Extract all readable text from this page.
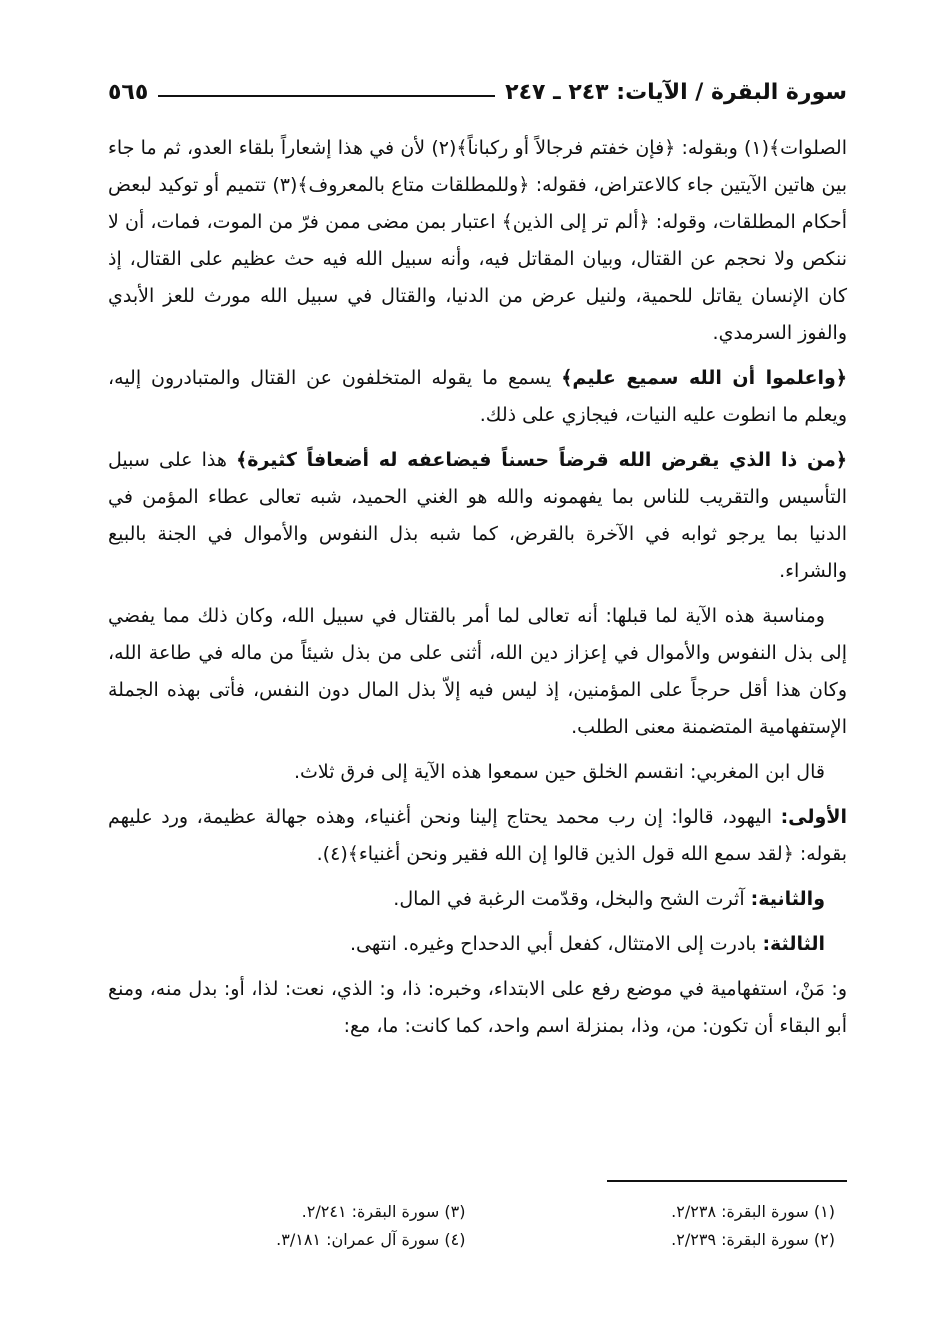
سورة البقرة / الآيات: ٢٤٣ ـ ٢٤٧
٥٦٥

الصلوات﴾(١) وبقوله: ﴿فإن خفتم فرجالاً أو ركباناً﴾(٢) لأن في هذا إشعاراً بلقاء العدو، ثم ما جاء بين هاتين الآيتين جاء كالاعتراض، فقوله: ﴿وللمطلقات متاع بالمعروف﴾(٣) تتميم أو توكيد لبعض أحكام المطلقات، وقوله: ﴿ألم تر إلى الذين﴾ اعتبار بمن مضى ممن فرّ من الموت، فمات، أن لا ننكص ولا نحجم عن القتال، وبيان المقاتل فيه، وأنه سبيل الله فيه حث عظيم على القتال، إذ كان الإنسان يقاتل للحمية، ولنيل عرض من الدنيا، والقتال في سبيل الله مورث للعز الأبدي والفوز السرمدي.

﴿واعلموا أن الله سميع عليم﴾ يسمع ما يقوله المتخلفون عن القتال والمتبادرون إليه، ويعلم ما انطوت عليه النيات، فيجازي على ذلك.

﴿من ذا الذي يقرض الله قرضاً حسناً فيضاعفه له أضعافاً كثيرة﴾ هذا على سبيل التأسيس والتقريب للناس بما يفهمونه والله هو الغني الحميد، شبه تعالى عطاء المؤمن في الدنيا بما يرجو ثوابه في الآخرة بالقرض، كما شبه بذل النفوس والأموال في الجنة بالبيع والشراء.

ومناسبة هذه الآية لما قبلها: أنه تعالى لما أمر بالقتال في سبيل الله، وكان ذلك مما يفضي إلى بذل النفوس والأموال في إعزاز دين الله، أثنى على من بذل شيئاً من ماله في طاعة الله، وكان هذا أقل حرجاً على المؤمنين، إذ ليس فيه إلاّ بذل المال دون النفس، فأتى بهذه الجملة الإستفهامية المتضمنة معنى الطلب.

قال ابن المغربي: انقسم الخلق حين سمعوا هذه الآية إلى فرق ثلاث.

الأولى: اليهود، قالوا: إن رب محمد يحتاج إلينا ونحن أغنياء، وهذه جهالة عظيمة، ورد عليهم بقوله: ﴿لقد سمع الله قول الذين قالوا إن الله فقير ونحن أغنياء﴾(٤).

والثانية: آثرت الشح والبخل، وقدّمت الرغبة في المال.

الثالثة: بادرت إلى الامتثال، كفعل أبي الدحداح وغيره. انتهى.

و: مَنْ، استفهامية في موضع رفع على الابتداء، وخبره: ذا، و: الذي، نعت: لذا، أو: بدل منه، ومنع أبو البقاء أن تكون: من، وذا، بمنزلة اسم واحد، كما كانت: ما، مع:

(١) سورة البقرة: ٢/٢٣٨.
(٢) سورة البقرة: ٢/٢٣٩.
(٣) سورة البقرة: ٢/٢٤١.
(٤) سورة آل عمران: ٣/١٨١.
